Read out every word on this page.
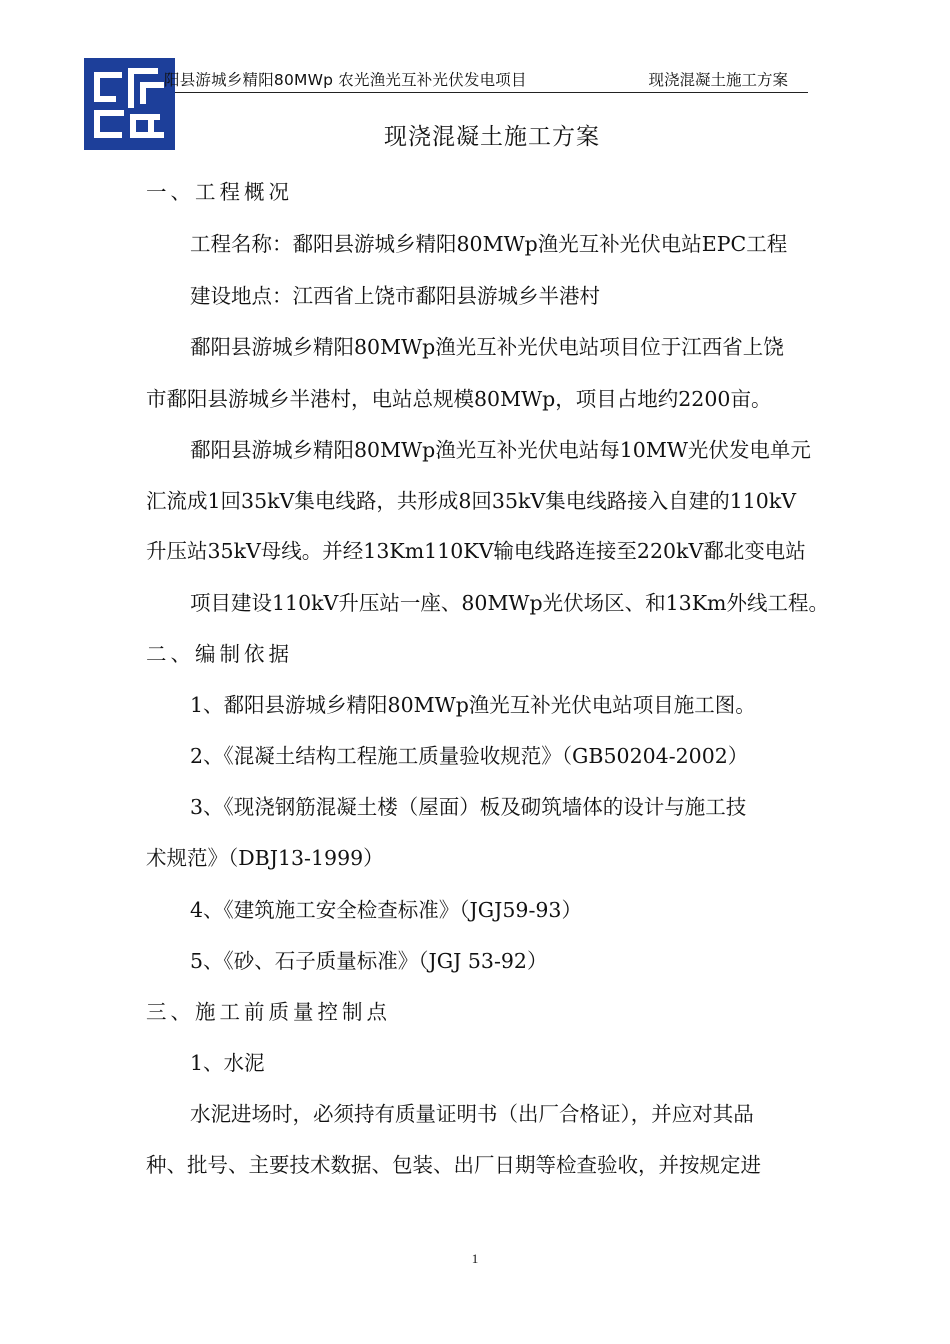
阳县游城乡精阳80MWp 农光渔光互补光伏发电项目	现浇混凝土施工方案
现浇混凝土施工方案
一、工程概况
工程名称：鄱阳县游城乡精阳80MWp渔光互补光伏电站EPC工程
建设地点：江西省上饶市鄱阳县游城乡半港村
鄱阳县游城乡精阳80MWp渔光互补光伏电站项目位于江西省上饶
市鄱阳县游城乡半港村，电站总规模80MWp，项目占地约2200亩。
鄱阳县游城乡精阳80MWp渔光互补光伏电站每10MW光伏发电单元
汇流成1回35kV集电线路，共形成8回35kV集电线路接入自建的110kV
升压站35kV母线。并经13Km110KV输电线路连接至220kV鄱北变电站
项目建设110kV升压站一座、80MWp光伏场区、和13Km外线工程。
二、编制依据
1、鄱阳县游城乡精阳80MWp渔光互补光伏电站项目施工图。
2、《混凝土结构工程施工质量验收规范》（GB50204-2002）
3、《现浇钢筋混凝土楼（屋面）板及砌筑墙体的设计与施工技
术规范》（DBJ13-1999）
4、《建筑施工安全检查标准》（JGJ59-93）
5、《砂、石子质量标准》（JGJ 53-92）
三、施工前质量控制点
1、水泥
水泥进场时，必须持有质量证明书（出厂合格证），并应对其品
种、批号、主要技术数据、包装、出厂日期等检查验收，并按规定进
1
